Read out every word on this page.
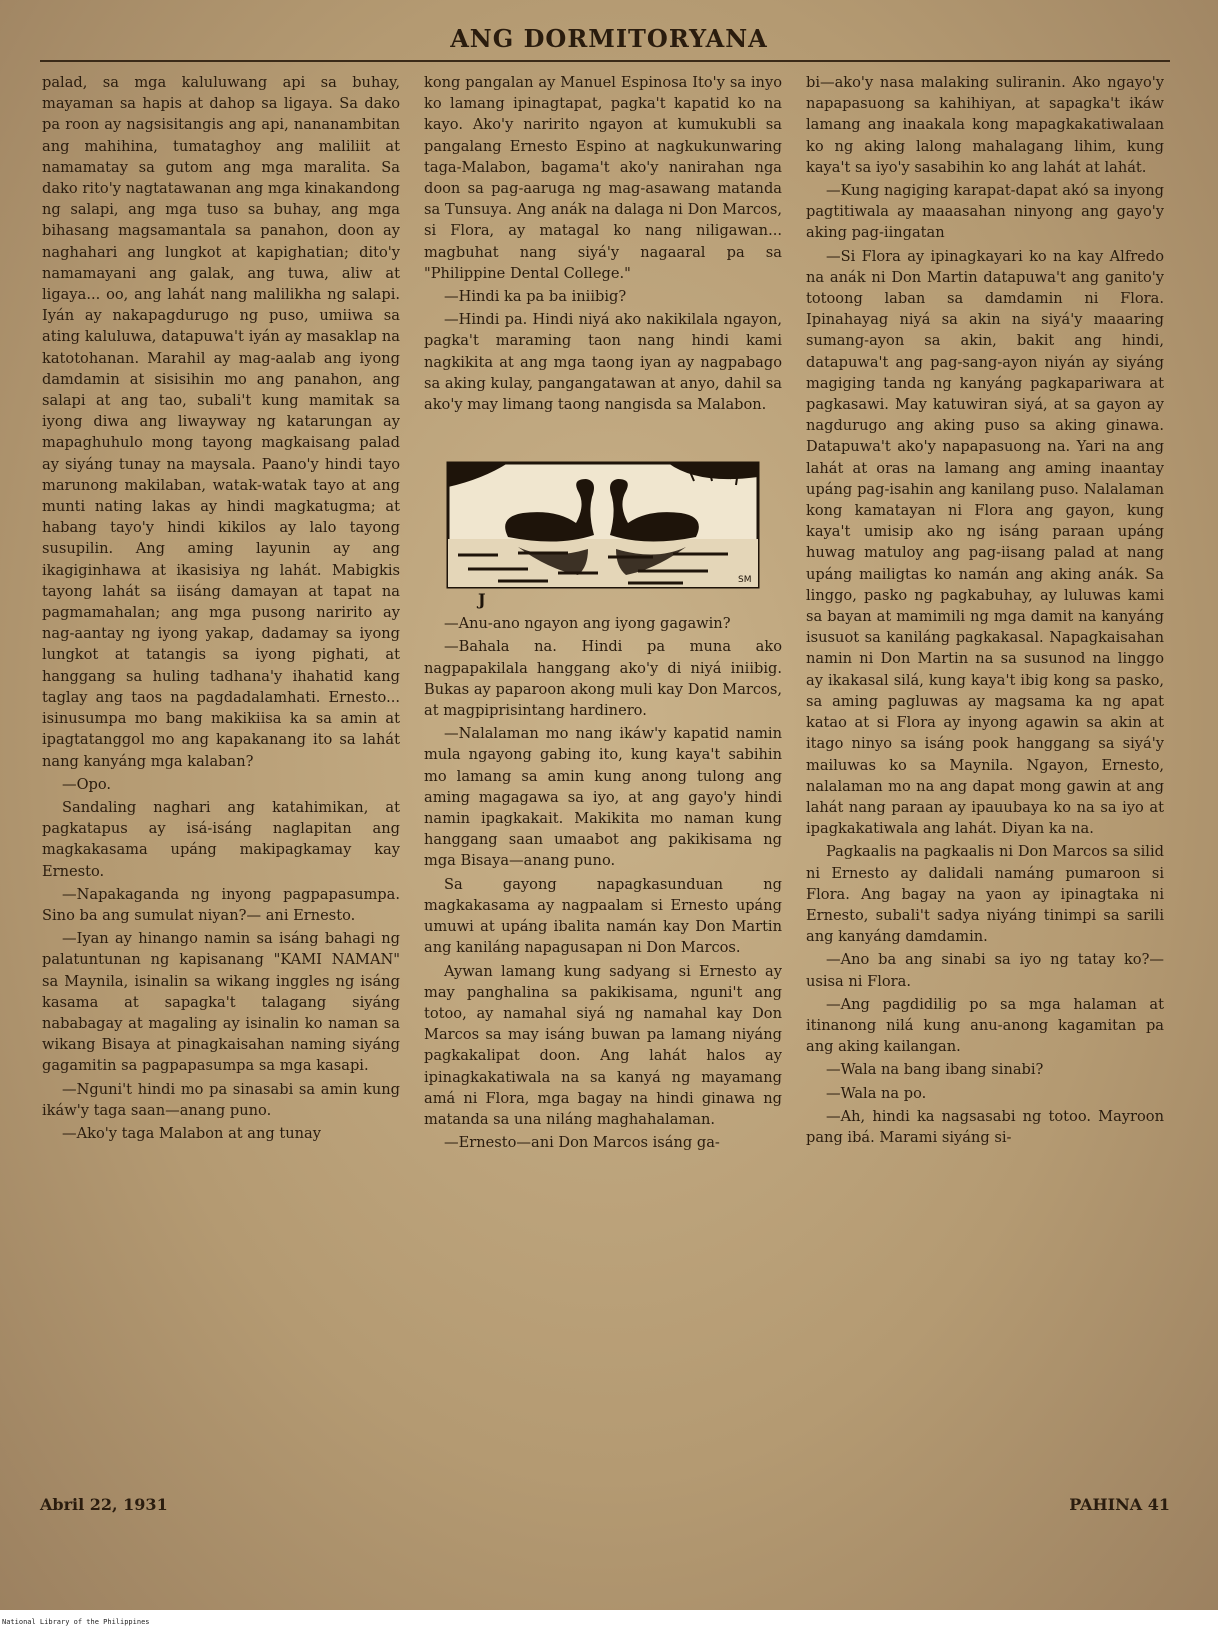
ANG DORMITORYANA

palad, sa mga kaluluwang api sa buhay, mayaman sa hapis at dahop sa ligaya. Sa dako pa roon ay nagsisitangis ang api, nananambitan ang mahihina, tumataghoy ang maliliit at namamatay sa gutom ang mga maralita. Sa dako rito'y nagtatawanan ang mga kinakandong ng salapi, ang mga tuso sa buhay, ang mga bihasang magsamantala sa panahon, doon ay naghahari ang lungkot at kapighatian; dito'y namamayani ang galak, ang tuwa, aliw at ligaya... oo, ang lahát nang malilikha ng salapi. Iyán ay nakapagdurugo ng puso, umiiwa sa ating kaluluwa, datapuwa't iyán ay masaklap na katotohanan. Marahil ay mag-aalab ang iyong damdamin at sisisihin mo ang panahon, ang salapi at ang tao, subali't kung mamitak sa iyong diwa ang liwayway ng katarungan ay mapaghuhulo mong tayong magkaisang palad ay siyáng tunay na maysala. Paano'y hindi tayo marunong makilaban, watak-watak tayo at ang munti nating lakas ay hindi magkatugma; at habang tayo'y hindi kikilos ay lalo tayong susupilin. Ang aming layunin ay ang ikagiginhawa at ikasisiya ng lahát. Mabigkis tayong lahát sa iisáng damayan at tapat na pagmamahalan; ang mga pusong naririto ay nag-aantay ng iyong yakap, dadamay sa iyong lungkot at tatangis sa iyong pighati, at hanggang sa huling tadhana'y ihahatid kang taglay ang taos na pagdadalamhati. Ernesto... isinusumpa mo bang makikiisa ka sa amin at ipagtatanggol mo ang kapakanang ito sa lahát nang kanyáng mga kalaban?

—Opo.

Sandaling naghari ang katahimikan, at pagkatapus ay isá-isáng naglapitan ang magkakasama upáng makipagkamay kay Ernesto.

—Napakaganda ng inyong pagpapasumpa. Sino ba ang sumulat niyan?— ani Ernesto.

—Iyan ay hinango namin sa isáng bahagi ng palatuntunan ng kapisanang "KAMI NAMAN" sa Maynila, isinalin sa wikang inggles ng isáng kasama at sapagka't talagang siyáng nababagay at magaling ay isinalin ko naman sa wikang Bisaya at pinagkaisahan naming siyáng gagamitin sa pagpapasumpa sa mga kasapi.

—Nguni't hindi mo pa sinasabi sa amin kung ikáw'y taga saan—anang puno.

—Ako'y taga Malabon at ang tunay

kong pangalan ay Manuel Espinosa Ito'y sa inyo ko lamang ipinagtapat, pagka't kapatid ko na kayo. Ako'y naririto ngayon at kumukubli sa pangalang Ernesto Espino at nagkukunwaring taga-Malabon, bagama't ako'y nanirahan nga doon sa pag-aaruga ng mag-asawang matanda sa Tunsuya. Ang anák na dalaga ni Don Marcos, si Flora, ay matagal ko nang niligawan... magbuhat nang siyá'y nagaaral pa sa "Philippine Dental College."

—Hindi ka pa ba iniibig?

—Hindi pa. Hindi niyá ako nakikilala ngayon, pagka't maraming taon nang hindi kami nagkikita at ang mga taong iyan ay nagpabago sa aking kulay, pangangatawan at anyo, dahil sa ako'y may limang taong nangisda sa Malabon.

SM
J

—Anu-ano ngayon ang iyong gagawin?

—Bahala na. Hindi pa muna ako nagpapakilala hanggang ako'y di niyá iniibig. Bukas ay paparoon akong muli kay Don Marcos, at magpiprisintang hardinero.

—Nalalaman mo nang ikáw'y kapatid namin mula ngayong gabing ito, kung kaya't sabihin mo lamang sa amin kung anong tulong ang aming magagawa sa iyo, at ang gayo'y hindi namin ipagkakait. Makikita mo naman kung hanggang saan umaabot ang pakikisama ng mga Bisaya—anang puno.

Sa gayong napagkasunduan ng magkakasama ay nagpaalam si Ernesto upáng umuwi at upáng ibalita namán kay Don Martin ang kaniláng napagusapan ni Don Marcos.

Aywan lamang kung sadyang si Ernesto ay may panghalina sa pakikisama, nguni't ang totoo, ay namahal siyá ng namahal kay Don Marcos sa may isáng buwan pa lamang niyáng pagkakalipat doon. Ang lahát halos ay ipinagkakatiwala na sa kanyá ng mayamang amá ni Flora, mga bagay na hindi ginawa ng matanda sa una niláng maghahalaman.

—Ernesto—ani Don Marcos isáng ga-

bi—ako'y nasa malaking suliranin. Ako ngayo'y napapasuong sa kahihiyan, at sapagka't ikáw lamang ang inaakala kong mapagkakatiwalaan ko ng aking lalong mahalagang lihim, kung kaya't sa iyo'y sasabihin ko ang lahát at lahát.

—Kung nagiging karapat-dapat akó sa inyong pagtitiwala ay maaasahan ninyong ang gayo'y aking pag-iingatan

—Si Flora ay ipinagkayari ko na kay Alfredo na anák ni Don Martin datapuwa't ang ganito'y totoong laban sa damdamin ni Flora. Ipinahayag niyá sa akin na siyá'y maaaring sumang-ayon sa akin, bakit ang hindi, datapuwa't ang pag-sang-ayon niyán ay siyáng magiging tanda ng kanyáng pagkapariwara at pagkasawi. May katuwiran siyá, at sa gayon ay nagdurugo ang aking puso sa aking ginawa. Datapuwa't ako'y napapasuong na. Yari na ang lahát at oras na lamang ang aming inaantay upáng pag-isahin ang kanilang puso. Nalalaman kong kamatayan ni Flora ang gayon, kung kaya't umisip ako ng isáng paraan upáng huwag matuloy ang pag-iisang palad at nang upáng mailigtas ko namán ang aking anák. Sa linggo, pasko ng pagkabuhay, ay luluwas kami sa bayan at mamimili ng mga damit na kanyáng isusuot sa kaniláng pagkakasal. Napagkaisahan namin ni Don Martin na sa susunod na linggo ay ikakasal silá, kung kaya't ibig kong sa pasko, sa aming pagluwas ay magsama ka ng apat katao at si Flora ay inyong agawin sa akin at itago ninyo sa isáng pook hanggang sa siyá'y mailuwas ko sa Maynila. Ngayon, Ernesto, nalalaman mo na ang dapat mong gawin at ang lahát nang paraan ay ipauubaya ko na sa iyo at ipagkakatiwala ang lahát. Diyan ka na.

Pagkaalis na pagkaalis ni Don Marcos sa silid ni Ernesto ay dalidali namáng pumaroon si Flora. Ang bagay na yaon ay ipinagtaka ni Ernesto, subali't sadya niyáng tinimpi sa sarili ang kanyáng damdamin.

—Ano ba ang sinabi sa iyo ng tatay ko?—usisa ni Flora.

—Ang pagdidilig po sa mga halaman at itinanong nilá kung anu-anong kagamitan pa ang aking kailangan.

—Wala na bang ibang sinabi?

—Wala na po.

—Ah, hindi ka nagsasabi ng totoo. Mayroon pang ibá. Marami siyáng si-

Abril 22, 1931	PAHINA 41
National Library of the Philippines
